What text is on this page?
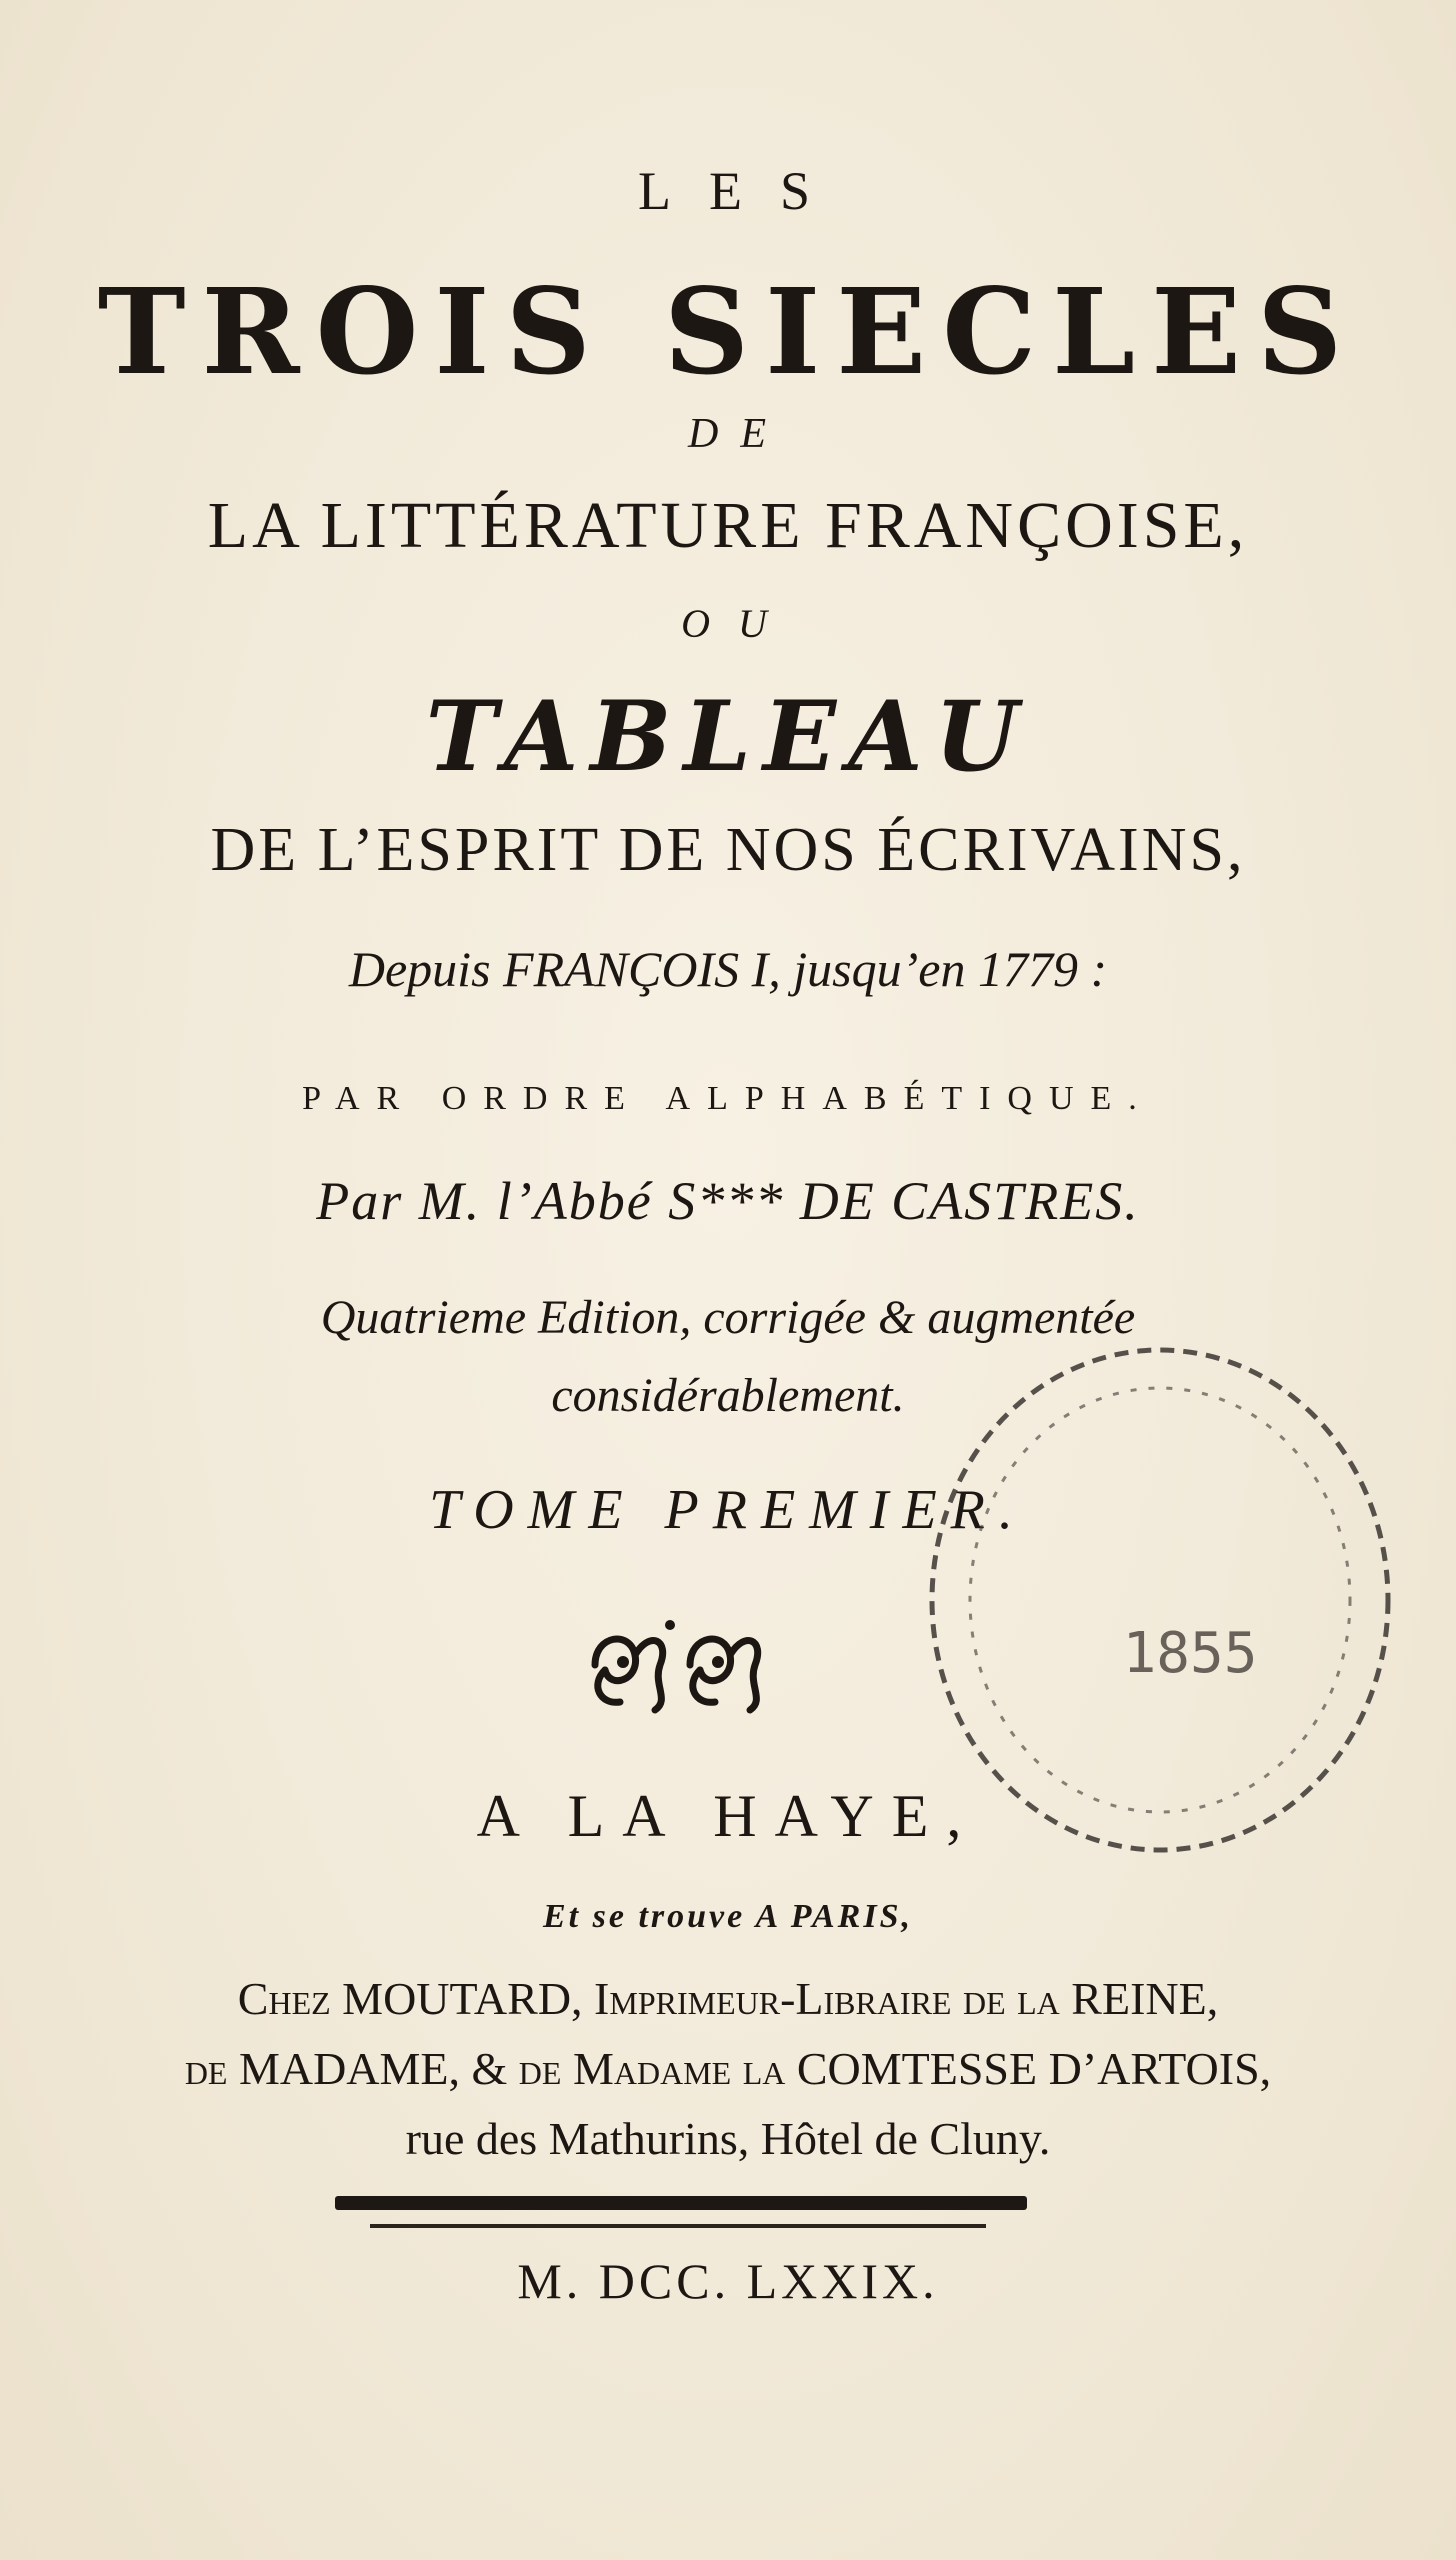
LES
TROIS SIECLES
DE
LA LITTÉRATURE FRANÇOISE,
OU
TABLEAU
DE L’ESPRIT DE NOS ÉCRIVAINS,
Depuis FRANÇOIS I, jusqu’en 1779 :
PAR ORDRE ALPHABÉTIQUE.
Par M. l’Abbé S*** DE CASTRES.
Quatrieme Edition, corrigée & augmentée
considérablement.
TOME PREMIER.
A LA HAYE,
Et se trouve A PARIS,
Chez MOUTARD, Imprimeur-Libraire de la REINE,
de MADAME, & de Madame la COMTESSE D’ARTOIS,
rue des Mathurins, Hôtel de Cluny.
M. DCC. LXXIX.
1855
